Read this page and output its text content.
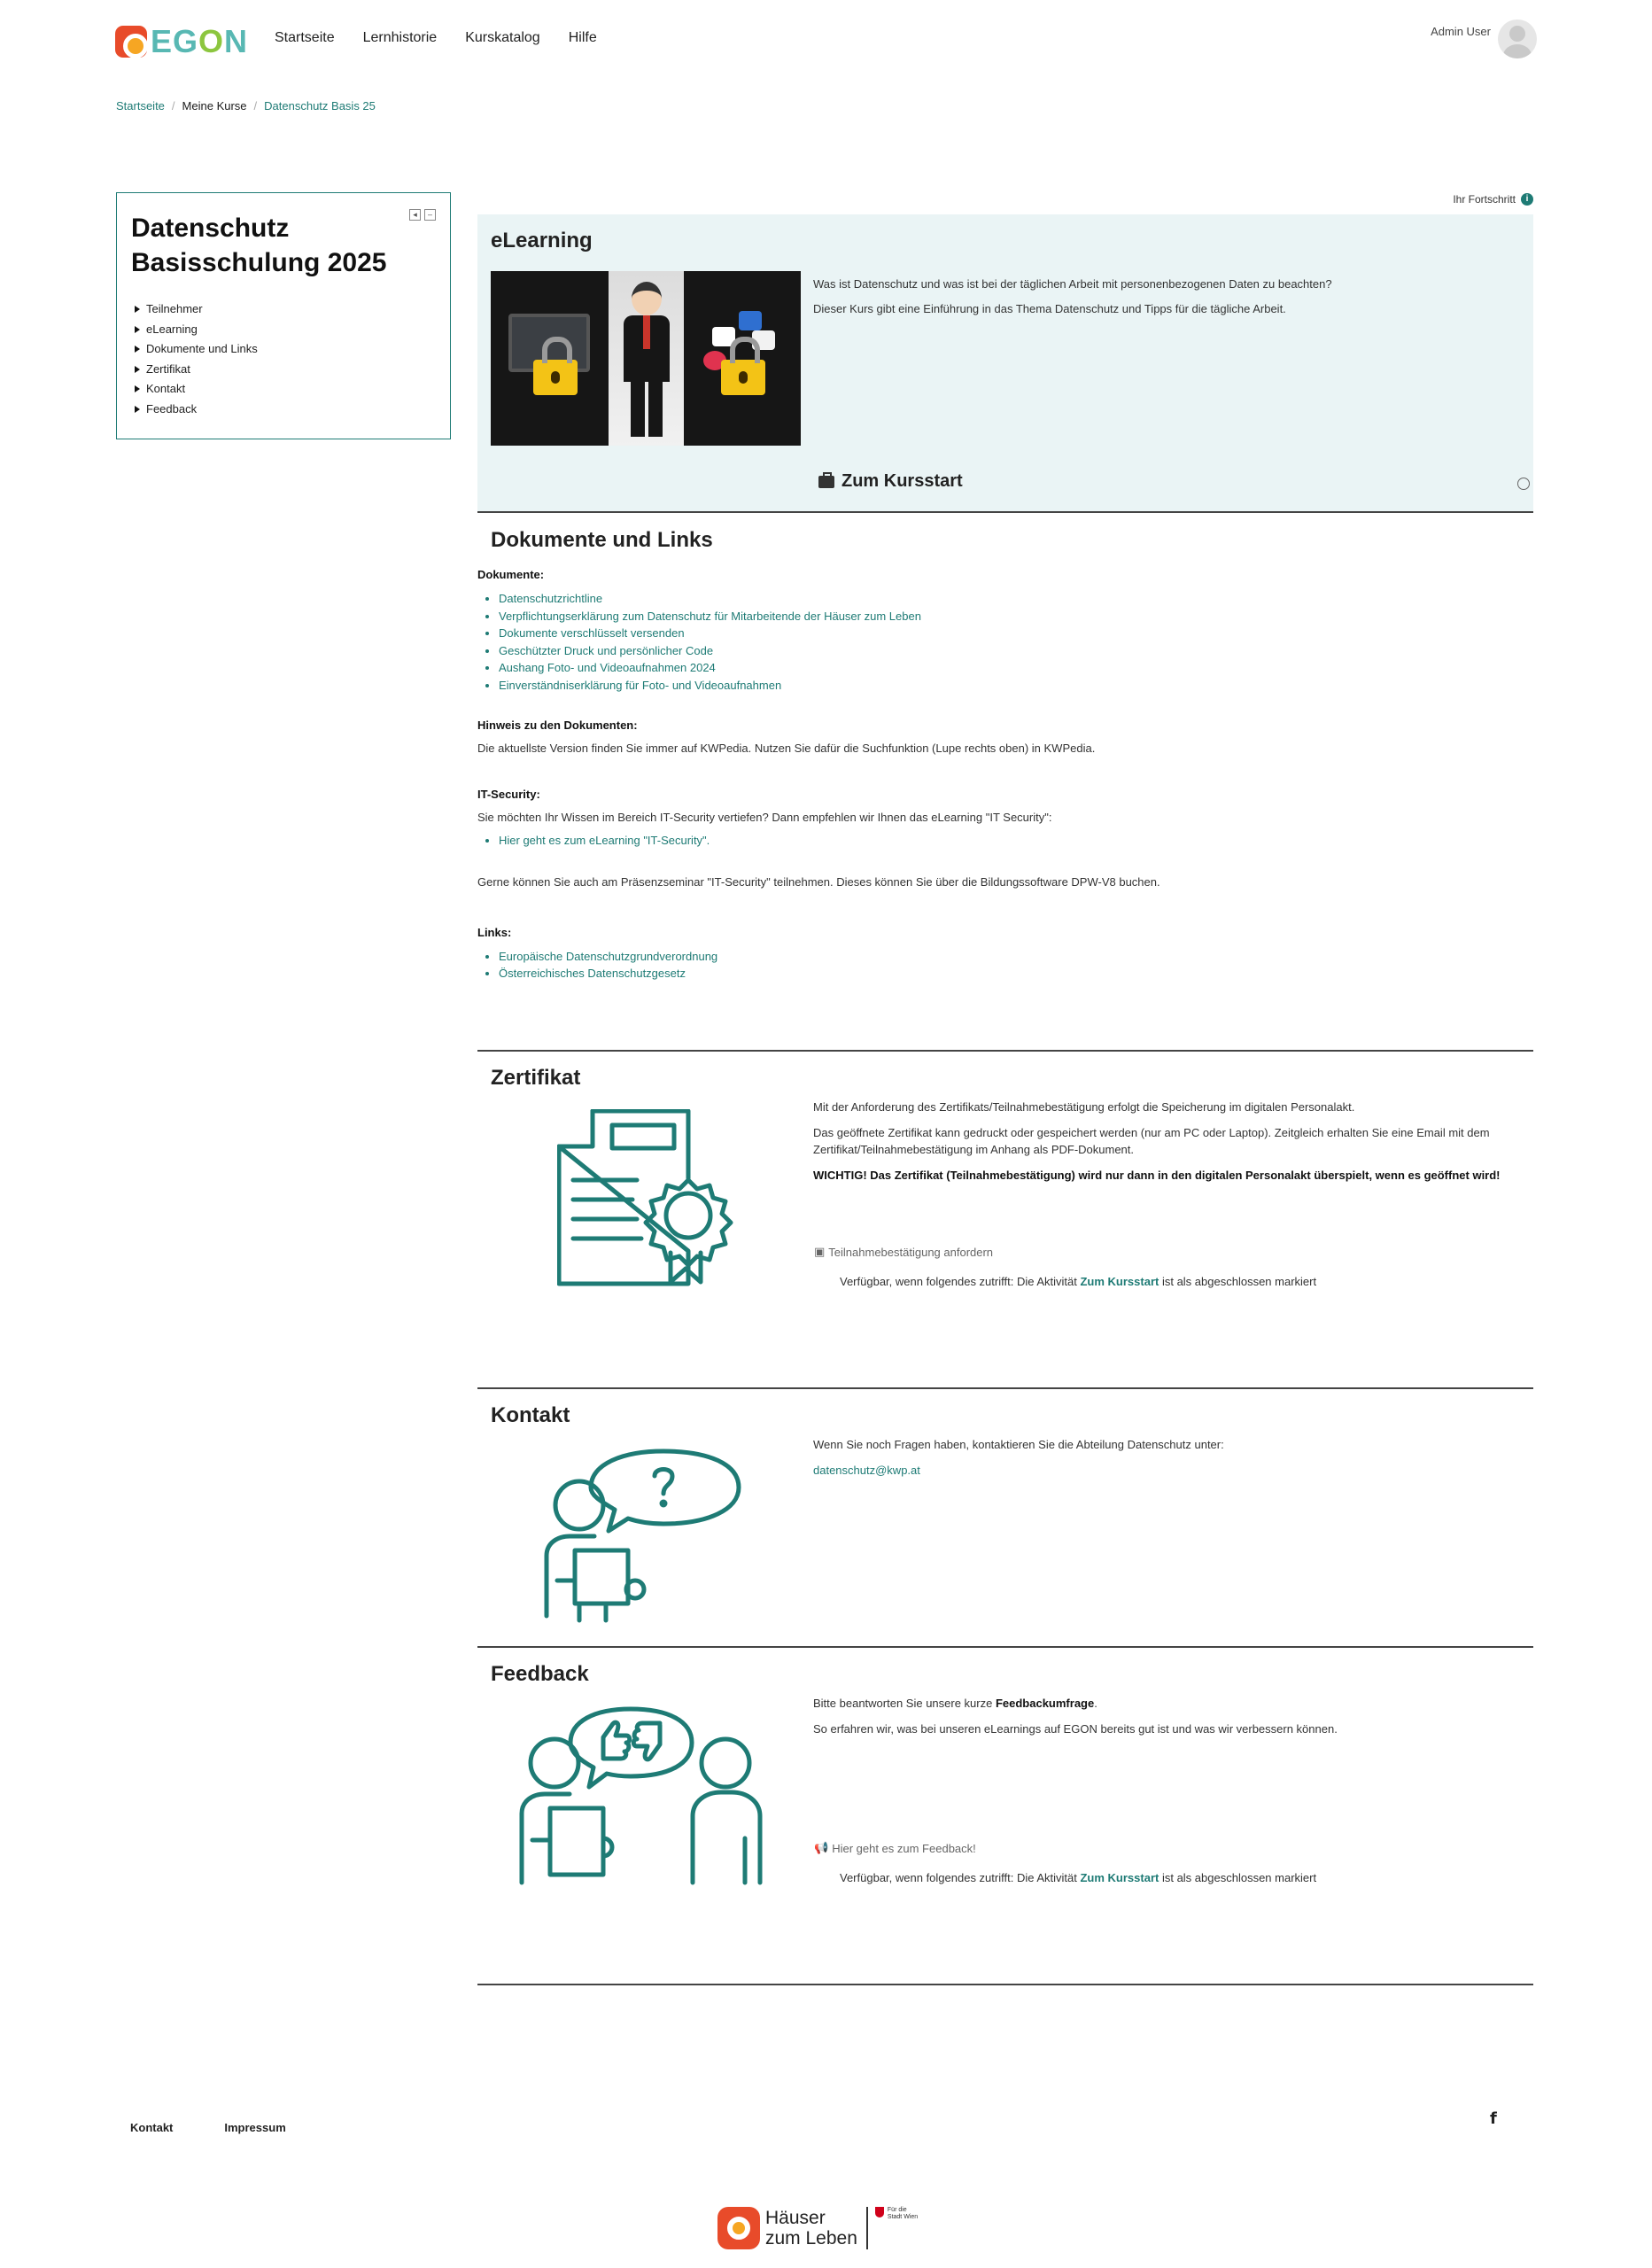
EGON Startseite Lernhistorie Kurskatalog Hilfe	Admin User
Startseite / Meine Kurse / Datenschutz Basis 25
◂	–
Datenschutz Basisschulung 2025
Teilnehmer
eLearning
Dokumente und Links
Zertifikat
Kontakt
Feedback
Ihr Fortschritt	i
eLearning

Was ist Datenschutz und was ist bei der täglichen Arbeit mit personenbezogenen Daten zu beachten?

Dieser Kurs gibt eine Einführung in das Thema Datenschutz und Tipps für die tägliche Arbeit.

Zum Kursstart
Dokumente und Links
Dokumente:
• Datenschutzrichtline
• Verpflichtungserklärung zum Datenschutz für Mitarbeitende der Häuser zum Leben
• Dokumente verschlüsselt versenden
• Geschützter Druck und persönlicher Code
• Aushang Foto- und Videoaufnahmen 2024
• Einverständniserklärung für Foto- und Videoaufnahmen
Hinweis zu den Dokumenten:

Die aktuellste Version finden Sie immer auf KWPedia. Nutzen Sie dafür die Suchfunktion (Lupe rechts oben) in KWPedia.

IT-Security:

Sie möchten Ihr Wissen im Bereich IT-Security vertiefen? Dann empfehlen wir Ihnen das eLearning "IT Security":

• Hier geht es zum eLearning "IT-Security".

Gerne können Sie auch am Präsenzseminar "IT-Security" teilnehmen. Dieses können Sie über die Bildungssoftware DPW-V8 buchen.

Links:
• Europäische Datenschutzgrundverordnung
• Österreichisches Datenschutzgesetz
Zertifikat

Mit der Anforderung des Zertifikats/Teilnahmebestätigung erfolgt die Speicherung im digitalen Personalakt.

Das geöffnete Zertifikat kann gedruckt oder gespeichert werden (nur am PC oder Laptop). Zeitgleich erhalten Sie eine Email mit dem Zertifikat/Teilnahmebestätigung im Anhang als PDF-Dokument.

WICHTIG! Das Zertifikat (Teilnahmebestätigung) wird nur dann in den digitalen Personalakt überspielt, wenn es geöffnet wird!

▣ Teilnahmebestätigung anfordern
Verfügbar, wenn folgendes zutrifft: Die Aktivität Zum Kursstart ist als abgeschlossen markiert
Kontakt

Wenn Sie noch Fragen haben, kontaktieren Sie die Abteilung Datenschutz unter:

datenschutz@kwp.at

Feedback

Bitte beantworten Sie unsere kurze Feedbackumfrage.

So erfahren wir, was bei unseren eLearnings auf EGON bereits gut ist und was wir verbessern können.

📢 Hier geht es zum Feedback!
Verfügbar, wenn folgendes zutrifft: Die Aktivität Zum Kursstart ist als abgeschlossen markiert
Kontakt	Impressum	f
Häuser
zum Leben
Für die
Stadt Wien
